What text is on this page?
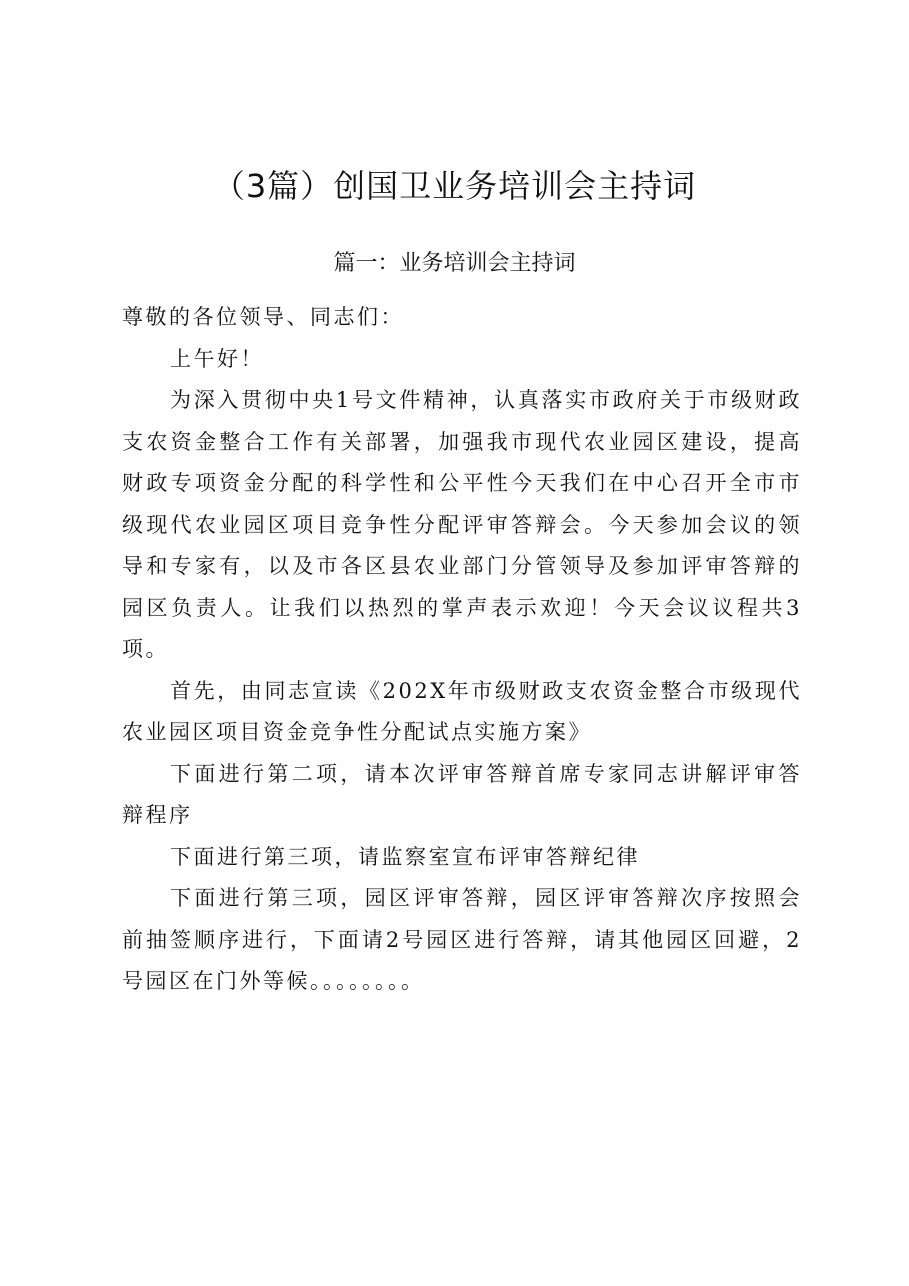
（3篇）创国卫业务培训会主持词
篇一：业务培训会主持词

尊敬的各位领导、同志们：

上午好！

为深入贯彻中央1号文件精神，认真落实市政府关于市级财政支农资金整合工作有关部署，加强我市现代农业园区建设，提高财政专项资金分配的科学性和公平性今天我们在中心召开全市市级现代农业园区项目竞争性分配评审答辩会。今天参加会议的领导和专家有，以及市各区县农业部门分管领导及参加评审答辩的园区负责人。让我们以热烈的掌声表示欢迎！今天会议议程共3项。

首先，由同志宣读《202X年市级财政支农资金整合市级现代农业园区项目资金竞争性分配试点实施方案》

下面进行第二项，请本次评审答辩首席专家同志讲解评审答辩程序

下面进行第三项，请监察室宣布评审答辩纪律

下面进行第三项，园区评审答辩，园区评审答辩次序按照会前抽签顺序进行，下面请2号园区进行答辩，请其他园区回避，2号园区在门外等候。。。。。。。。
